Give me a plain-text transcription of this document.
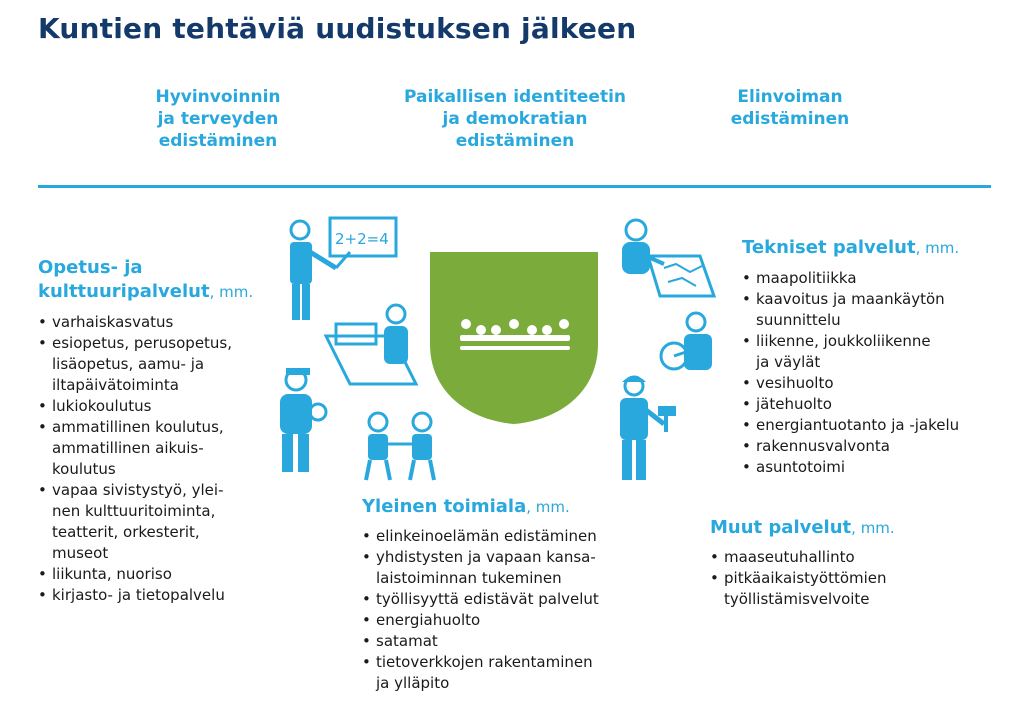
Kuntien tehtäviä uudistuksen jälkeen
Hyvinvoinnin
ja terveyden
edistäminen
Paikallisen identiteetin
ja demokratian
edistäminen
Elinvoiman
edistäminen
Opetus- ja
kulttuuripalvelut, mm.
• varhaiskasvatus
• esiopetus, perusopetus,
lisäopetus, aamu- ja
iltapäivätoiminta
• lukiokoulutus
• ammatillinen koulutus,
ammatillinen aikuis-
koulutus
• vapaa sivistystyö, ylei-
nen kulttuuritoiminta,
teatterit, orkesterit,
museot
• liikunta, nuoriso
• kirjasto- ja tietopalvelu
Yleinen toimiala, mm.
• elinkeinoelämän edistäminen
• yhdistysten ja vapaan kansa-
laistoiminnan tukeminen
• työllisyyttä edistävät palvelut
• energiahuolto
• satamat
• tietoverkkojen rakentaminen
ja ylläpito
Tekniset palvelut, mm.
• maapolitiikka
• kaavoitus ja maankäytön
suunnittelu
• liikenne, joukkoliikenne
ja väylät
• vesihuolto
• jätehuolto
• energiantuotanto ja -jakelu
• rakennusvalvonta
• asuntotoimi
Muut palvelut, mm.
• maaseutuhallinto
• pitkäaikaistyöttömien
työllistämisvelvoite
2+2=4
